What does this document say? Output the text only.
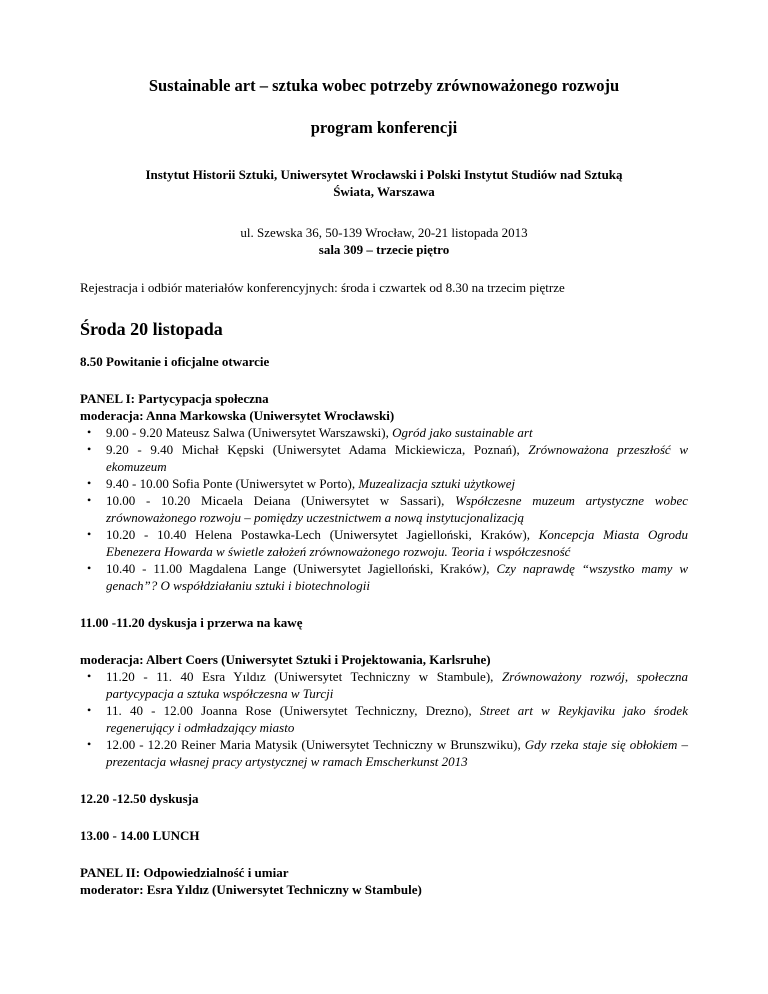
Sustainable art – sztuka wobec potrzeby zrównoważonego rozwoju

program konferencji

Instytut Historii Sztuki, Uniwersytet Wrocławski i Polski Instytut Studiów nad Sztuką
Świata, Warszawa
ul. Szewska 36, 50-139 Wrocław, 20-21 listopada 2013
sala 309 – trzecie piętro

Rejestracja i odbiór materiałów konferencyjnych: środa i czwartek od 8.30 na trzecim piętrze

Środa 20 listopada

8.50 Powitanie i oficjalne otwarcie

PANEL I: Partycypacja społeczna
moderacja: Anna Markowska (Uniwersytet Wrocławski)
• 9.00 - 9.20 Mateusz Salwa (Uniwersytet Warszawski), Ogród jako sustainable art
• 9.20 - 9.40 Michał Kępski (Uniwersytet Adama Mickiewicza, Poznań), Zrównoważona przeszłość w ekomuzeum
• 9.40 - 10.00 Sofia Ponte (Uniwersytet w Porto), Muzealizacja sztuki użytkowej
• 10.00 - 10.20 Micaela Deiana (Uniwersytet w Sassari), Współczesne muzeum artystyczne wobec zrównoważonego rozwoju – pomiędzy uczestnictwem a nową instytucjonalizacją
• 10.20 - 10.40 Helena Postawka-Lech (Uniwersytet Jagielloński, Kraków), Koncepcja Miasta Ogrodu Ebenezera Howarda w świetle założeń zrównoważonego rozwoju. Teoria i współczesność
• 10.40 - 11.00 Magdalena Lange (Uniwersytet Jagielloński, Kraków), Czy naprawdę “wszystko mamy w genach”? O współdziałaniu sztuki i biotechnologii

11.00 -11.20 dyskusja i przerwa na kawę

moderacja: Albert Coers (Uniwersytet Sztuki i Projektowania, Karlsruhe)
• 11.20 - 11. 40 Esra Yıldız (Uniwersytet Techniczny w Stambule), Zrównoważony rozwój, społeczna partycypacja a sztuka współczesna w Turcji
• 11. 40 - 12.00 Joanna Rose (Uniwersytet Techniczny, Drezno), Street art w Reykjaviku jako środek regenerujący i odmładzający miasto
• 12.00 - 12.20 Reiner Maria Matysik (Uniwersytet Techniczny w Brunszwiku), Gdy rzeka staje się obłokiem – prezentacja własnej pracy artystycznej w ramach Emscherkunst 2013

12.20 -12.50 dyskusja

13.00 - 14.00 LUNCH

PANEL II: Odpowiedzialność i umiar
moderator: Esra Yıldız (Uniwersytet Techniczny w Stambule)
